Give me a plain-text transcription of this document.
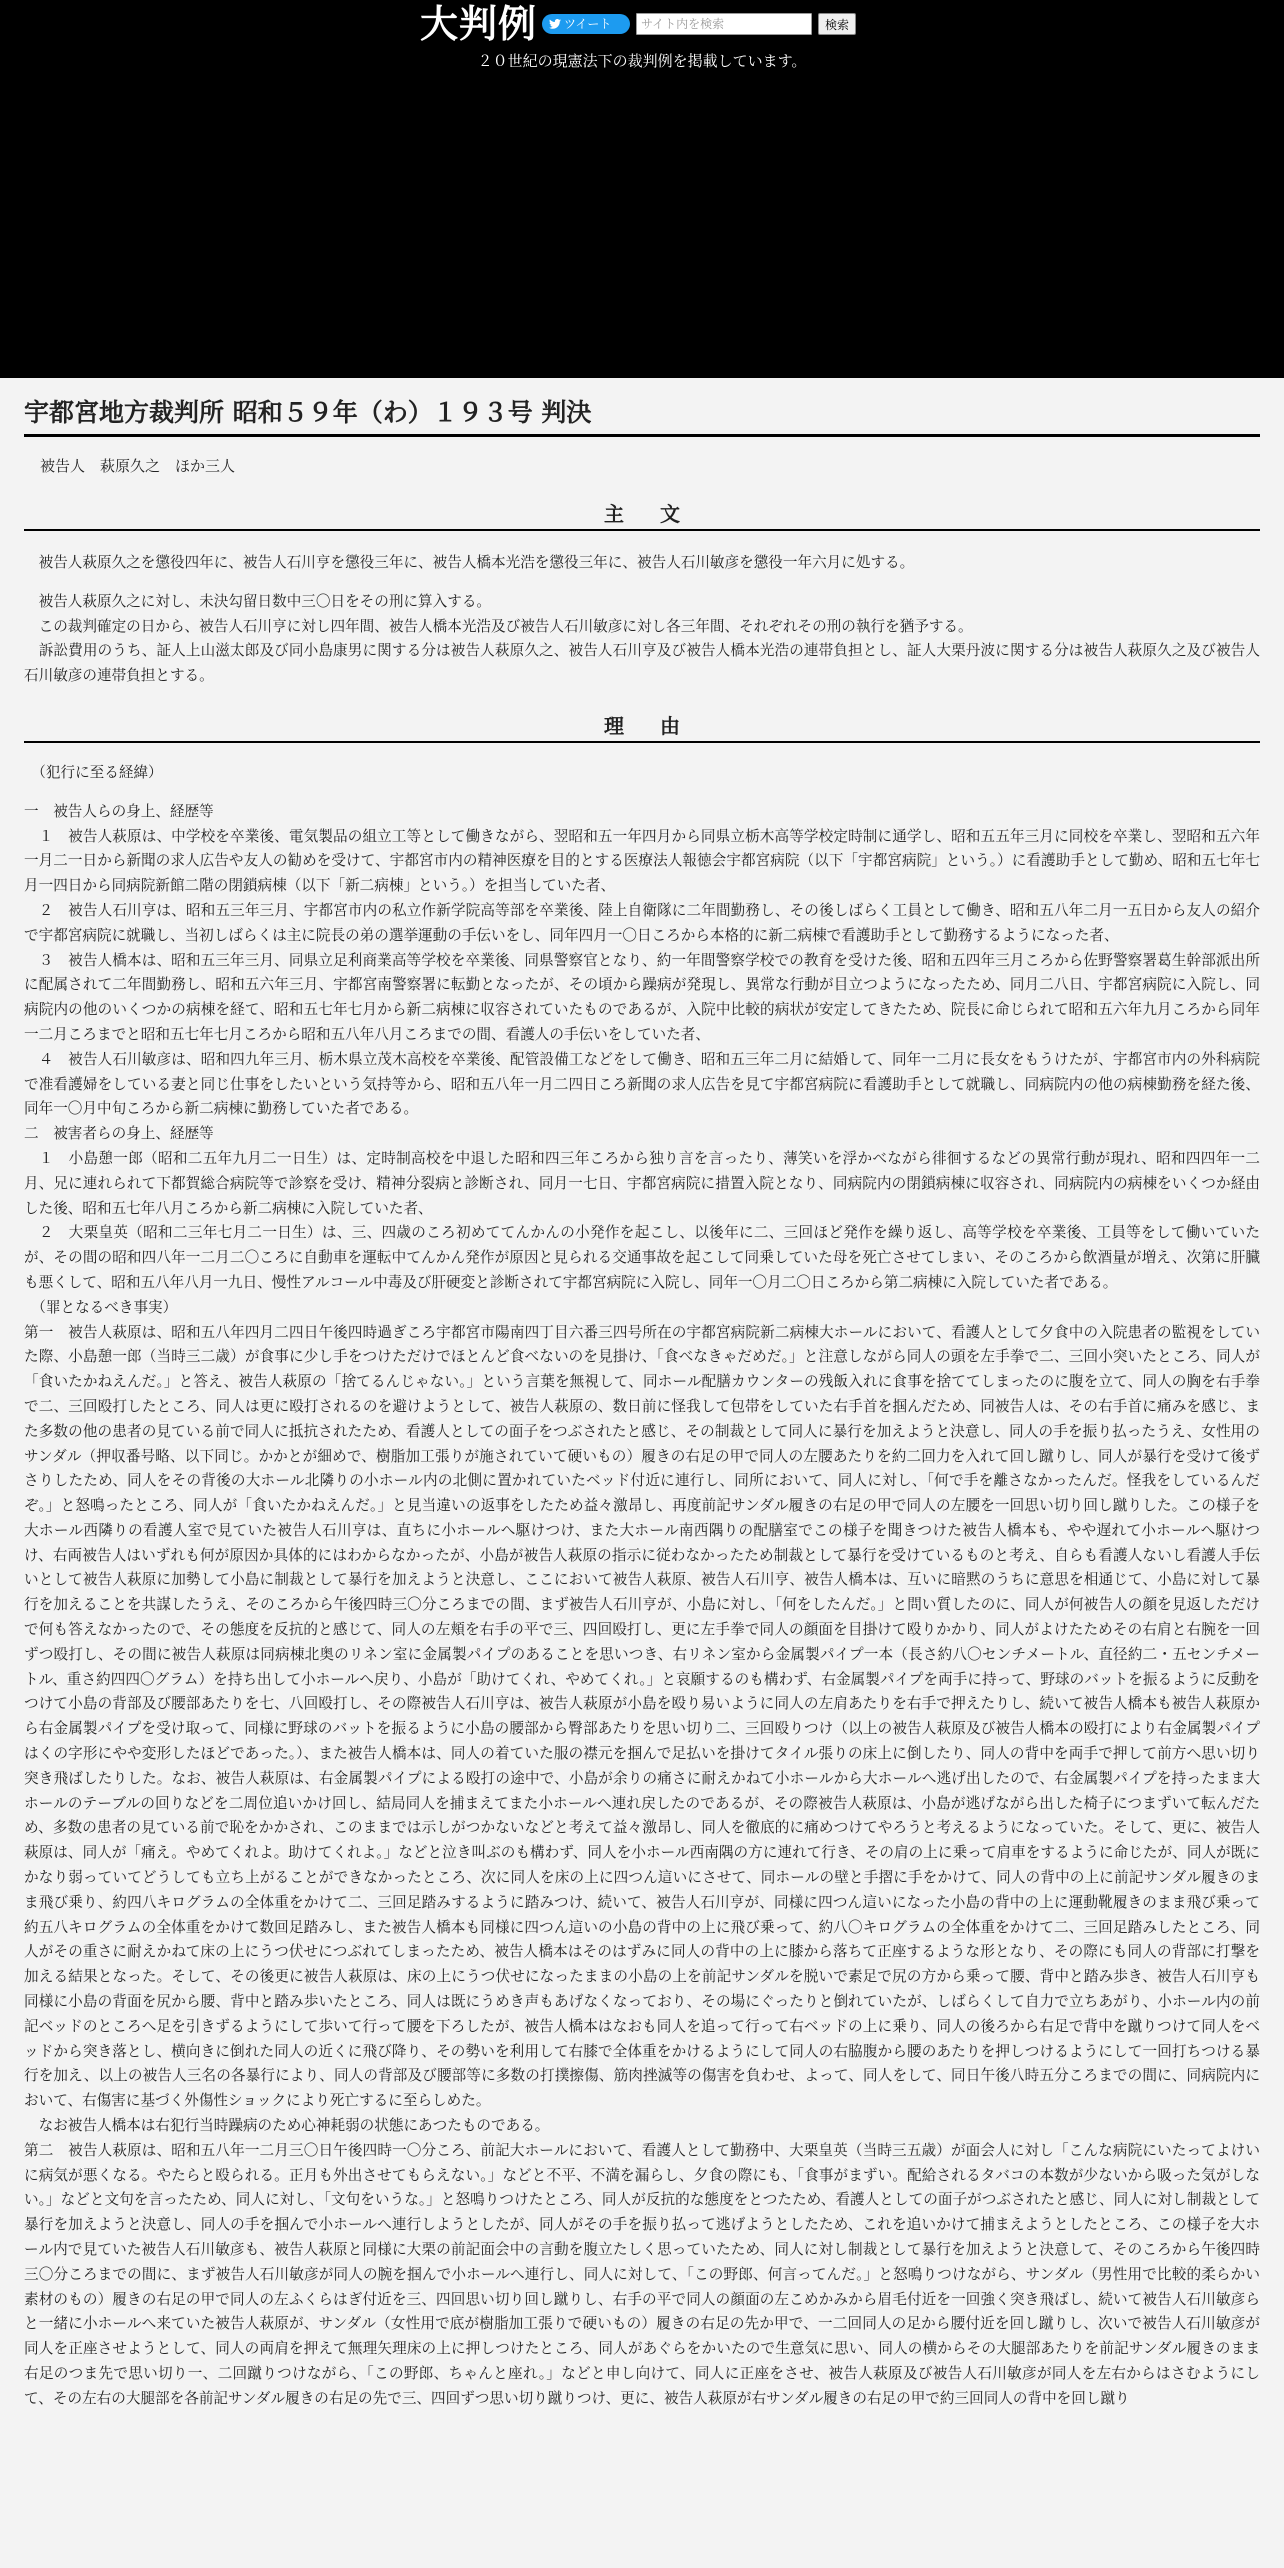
大判例	ツイート
サイト内を検索	検索
２０世紀の現憲法下の裁判例を掲載しています。
宇都宮地方裁判所 昭和５９年（わ）１９３号 判決
被告人　萩原久之　ほか三人
主文

　被告人萩原久之を懲役四年に、被告人石川亨を懲役三年に、被告人橋本光浩を懲役三年に、被告人石川敏彦を懲役一年六月に処する。

　被告人萩原久之に対し、未決勾留日数中三〇日をその刑に算入する。

　この裁判確定の日から、被告人石川亨に対し四年間、被告人橋本光浩及び被告人石川敏彦に対し各三年間、それぞれその刑の執行を猶予する。

　訴訟費用のうち、証人上山滋太郎及び同小島康男に関する分は被告人萩原久之、被告人石川亨及び被告人橋本光浩の連帯負担とし、証人大栗丹波に関する分は被告人萩原久之及び被告人石川敏彦の連帯負担とする。

理由

　（犯行に至る経緯）

一　被告人らの身上、経歴等

　１　被告人萩原は、中学校を卒業後、電気製品の組立工等として働きながら、翌昭和五一年四月から同県立栃木高等学校定時制に通学し、昭和五五年三月に同校を卒業し、翌昭和五六年一月二一日から新聞の求人広告や友人の勧めを受けて、宇都宮市内の精神医療を目的とする医療法人報徳会宇都宮病院（以下「宇都宮病院」という。）に看護助手として勤め、昭和五七年七月一四日から同病院新館二階の閉鎖病棟（以下「新二病棟」という。）を担当していた者、

　２　被告人石川亨は、昭和五三年三月、宇都宮市内の私立作新学院高等部を卒業後、陸上自衛隊に二年間勤務し、その後しばらく工員として働き、昭和五八年二月一五日から友人の紹介で宇都宮病院に就職し、当初しばらくは主に院長の弟の選挙運動の手伝いをし、同年四月一〇日ころから本格的に新二病棟で看護助手として勤務するようになった者、

　３　被告人橋本は、昭和五三年三月、同県立足利商業高等学校を卒業後、同県警察官となり、約一年間警察学校での教育を受けた後、昭和五四年三月ころから佐野警察署葛生幹部派出所に配属されて二年間勤務し、昭和五六年三月、宇都宮南警察署に転勤となったが、その頃から躁病が発現し、異常な行動が目立つようになったため、同月二八日、宇都宮病院に入院し、同病院内の他のいくつかの病棟を経て、昭和五七年七月から新二病棟に収容されていたものであるが、入院中比較的病状が安定してきたため、院長に命じられて昭和五六年九月ころから同年一二月ころまでと昭和五七年七月ころから昭和五八年八月ころまでの間、看護人の手伝いをしていた者、

　４　被告人石川敏彦は、昭和四九年三月、栃木県立茂木高校を卒業後、配管設備工などをして働き、昭和五三年二月に結婚して、同年一二月に長女をもうけたが、宇都宮市内の外科病院で准看護婦をしている妻と同じ仕事をしたいという気持等から、昭和五八年一月二四日ころ新聞の求人広告を見て宇都宮病院に看護助手として就職し、同病院内の他の病棟勤務を経た後、同年一〇月中旬ころから新二病棟に勤務していた者である。

二　被害者らの身上、経歴等

　１　小島憩一郎（昭和二五年九月二一日生）は、定時制高校を中退した昭和四三年ころから独り言を言ったり、薄笑いを浮かべながら徘徊するなどの異常行動が現れ、昭和四四年一二月、兄に連れられて下都賀総合病院等で診察を受け、精神分裂病と診断され、同月一七日、宇都宮病院に措置入院となり、同病院内の閉鎖病棟に収容され、同病院内の病棟をいくつか経由した後、昭和五七年八月ころから新二病棟に入院していた者、

　２　大栗皇英（昭和二三年七月二一日生）は、三、四歳のころ初めててんかんの小発作を起こし、以後年に二、三回ほど発作を繰り返し、高等学校を卒業後、工員等をして働いていたが、その間の昭和四八年一二月二〇ころに自動車を運転中てんかん発作が原因と見られる交通事故を起こして同乗していた母を死亡させてしまい、そのころから飲酒量が増え、次第に肝臓も悪くして、昭和五八年八月一九日、慢性アルコール中毒及び肝硬変と診断されて宇都宮病院に入院し、同年一〇月二〇日ころから第二病棟に入院していた者である。

　（罪となるべき事実）

第一　被告人萩原は、昭和五八年四月二四日午後四時過ぎころ宇都宮市陽南四丁目六番三四号所在の宇都宮病院新二病棟大ホールにおいて、看護人として夕食中の入院患者の監視をしていた際、小島憩一郎（当時三二歳）が食事に少し手をつけただけでほとんど食べないのを見掛け、「食べなきゃだめだ。」と注意しながら同人の頭を左手拳で二、三回小突いたところ、同人が「食いたかねえんだ。」と答え、被告人萩原の「捨てるんじゃない。」という言葉を無視して、同ホール配膳カウンターの残飯入れに食事を捨ててしまったのに腹を立て、同人の胸を右手拳で二、三回殴打したところ、同人は更に殴打されるのを避けようとして、被告人萩原の、数日前に怪我して包帯をしていた右手首を掴んだため、同被告人は、その右手首に痛みを感じ、また多数の他の患者の見ている前で同人に抵抗されたため、看護人としての面子をつぶされたと感じ、その制裁として同人に暴行を加えようと決意し、同人の手を振り払ったうえ、女性用のサンダル（押収番号略、以下同じ。かかとが細めで、樹脂加工張りが施されていて硬いもの）履きの右足の甲で同人の左腰あたりを約二回力を入れて回し蹴りし、同人が暴行を受けて後ずさりしたため、同人をその背後の大ホール北隣りの小ホール内の北側に置かれていたベッド付近に連行し、同所において、同人に対し、「何で手を離さなかったんだ。怪我をしているんだぞ。」と怒鳴ったところ、同人が「食いたかねえんだ。」と見当違いの返事をしたため益々激昂し、再度前記サンダル履きの右足の甲で同人の左腰を一回思い切り回し蹴りした。この様子を大ホール西隣りの看護人室で見ていた被告人石川亨は、直ちに小ホールへ駆けつけ、また大ホール南西隅りの配膳室でこの様子を聞きつけた被告人橋本も、やや遅れて小ホールへ駆けつけ、右両被告人はいずれも何が原因か具体的にはわからなかったが、小島が被告人萩原の指示に従わなかったため制裁として暴行を受けているものと考え、自らも看護人ないし看護人手伝いとして被告人萩原に加勢して小島に制裁として暴行を加えようと決意し、ここにおいて被告人萩原、被告人石川亨、被告人橋本は、互いに暗黙のうちに意思を相通じて、小島に対して暴行を加えることを共謀したうえ、そのころから午後四時三〇分ころまでの間、まず被告人石川亨が、小島に対し、「何をしたんだ。」と問い質したのに、同人が何被告人の顔を見返しただけで何も答えなかったので、その態度を反抗的と感じて、同人の左頬を右手の平で三、四回殴打し、更に左手拳で同人の顔面を目掛けて殴りかかり、同人がよけたためその右肩と右腕を一回ずつ殴打し、その間に被告人萩原は同病棟北奥のリネン室に金属製パイプのあることを思いつき、右リネン室から金属製パイプ一本（長さ約八〇センチメートル、直径約二・五センチメートル、重さ約四四〇グラム）を持ち出して小ホールへ戻り、小島が「助けてくれ、やめてくれ。」と哀願するのも構わず、右金属製パイプを両手に持って、野球のバットを振るように反動をつけて小島の背部及び腰部あたりを七、八回殴打し、その際被告人石川亨は、被告人萩原が小島を殴り易いように同人の左肩あたりを右手で押えたりし、続いて被告人橋本も被告人萩原から右金属製パイプを受け取って、同様に野球のバットを振るように小島の腰部から臀部あたりを思い切り二、三回殴りつけ（以上の被告人萩原及び被告人橋本の殴打により右金属製パイプはくの字形にやや変形したほどであった。）、また被告人橋本は、同人の着ていた服の襟元を掴んで足払いを掛けてタイル張りの床上に倒したり、同人の背中を両手で押して前方へ思い切り突き飛ばしたりした。なお、被告人萩原は、右金属製パイプによる殴打の途中で、小島が余りの痛さに耐えかねて小ホールから大ホールへ逃げ出したので、右金属製パイプを持ったまま大ホールのテーブルの回りなどを二周位追いかけ回し、結局同人を捕まえてまた小ホールへ連れ戻したのであるが、その際被告人萩原は、小島が逃げながら出した椅子につまずいて転んだため、多数の患者の見ている前で恥をかかされ、このままでは示しがつかないなどと考えて益々激昂し、同人を徹底的に痛めつけてやろうと考えるようになっていた。そして、更に、被告人萩原は、同人が「痛え。やめてくれよ。助けてくれよ。」などと泣き叫ぶのも構わず、同人を小ホール西南隅の方に連れて行き、その肩の上に乗って肩車をするように命じたが、同人が既にかなり弱っていてどうしても立ち上がることができなかったところ、次に同人を床の上に四つん這いにさせて、同ホールの壁と手摺に手をかけて、同人の背中の上に前記サンダル履きのまま飛び乗り、約四八キログラムの全体重をかけて二、三回足踏みするように踏みつけ、続いて、被告人石川亨が、同様に四つん這いになった小島の背中の上に運動靴履きのまま飛び乗って約五八キログラムの全体重をかけて数回足踏みし、また被告人橋本も同様に四つん這いの小島の背中の上に飛び乗って、約八〇キログラムの全体重をかけて二、三回足踏みしたところ、同人がその重さに耐えかねて床の上にうつ伏せにつぶれてしまったため、被告人橋本はそのはずみに同人の背中の上に膝から落ちて正座するような形となり、その際にも同人の背部に打撃を加える結果となった。そして、その後更に被告人萩原は、床の上にうつ伏せになったままの小島の上を前記サンダルを脱いで素足で尻の方から乗って腰、背中と踏み歩き、被告人石川亨も同様に小島の背面を尻から腰、背中と踏み歩いたところ、同人は既にうめき声もあげなくなっており、その場にぐったりと倒れていたが、しばらくして自力で立ちあがり、小ホール内の前記ベッドのところへ足を引きずるようにして歩いて行って腰を下ろしたが、被告人橋本はなおも同人を追って行って右ベッドの上に乗り、同人の後ろから右足で背中を蹴りつけて同人をベッドから突き落とし、横向きに倒れた同人の近くに飛び降り、その勢いを利用して右膝で全体重をかけるようにして同人の右脇腹から腰のあたりを押しつけるようにして一回打ちつける暴行を加え、以上の被告人三名の各暴行により、同人の背部及び腰部等に多数の打撲擦傷、筋肉挫滅等の傷害を負わせ、よって、同人をして、同日午後八時五分ころまでの間に、同病院内において、右傷害に基づく外傷性ショックにより死亡するに至らしめた。

　なお被告人橋本は右犯行当時躁病のため心神耗弱の状態にあつたものである。

第二　被告人萩原は、昭和五八年一二月三〇日午後四時一〇分ころ、前記大ホールにおいて、看護人として勤務中、大栗皇英（当時三五歳）が面会人に対し「こんな病院にいたってよけいに病気が悪くなる。やたらと殴られる。正月も外出させてもらえない。」などと不平、不満を漏らし、夕食の際にも、「食事がまずい。配給されるタバコの本数が少ないから吸った気がしない。」などと文句を言ったため、同人に対し、「文句をいうな。」と怒鳴りつけたところ、同人が反抗的な態度をとつたため、看護人としての面子がつぶされたと感じ、同人に対し制裁として暴行を加えようと決意し、同人の手を掴んで小ホールへ連行しようとしたが、同人がその手を振り払って逃げようとしたため、これを追いかけて捕まえようとしたところ、この様子を大ホール内で見ていた被告人石川敏彦も、被告人萩原と同様に大栗の前記面会中の言動を腹立たしく思っていたため、同人に対し制裁として暴行を加えようと決意して、そのころから午後四時三〇分ころまでの間に、まず被告人石川敏彦が同人の腕を掴んで小ホールへ連行し、同人に対して、「この野郎、何言ってんだ。」と怒鳴りつけながら、サンダル（男性用で比較的柔らかい素材のもの）履きの右足の甲で同人の左ふくらはぎ付近を三、四回思い切り回し蹴りし、右手の平で同人の顔面の左こめかみから眉毛付近を一回強く突き飛ばし、続いて被告人石川敏彦らと一緒に小ホールへ来ていた被告人萩原が、サンダル（女性用で底が樹脂加工張りで硬いもの）履きの右足の先か甲で、一二回同人の足から腰付近を回し蹴りし、次いで被告人石川敏彦が同人を正座させようとして、同人の両肩を押えて無理矢理床の上に押しつけたところ、同人があぐらをかいたので生意気に思い、同人の横からその大腿部あたりを前記サンダル履きのまま右足のつま先で思い切り一、二回蹴りつけながら、「この野郎、ちゃんと座れ。」などと申し向けて、同人に正座をさせ、被告人萩原及び被告人石川敏彦が同人を左右からはさむようにして、その左右の大腿部を各前記サンダル履きの右足の先で三、四回ずつ思い切り蹴りつけ、更に、被告人萩原が右サンダル履きの右足の甲で約三回同人の背中を回し蹴り
